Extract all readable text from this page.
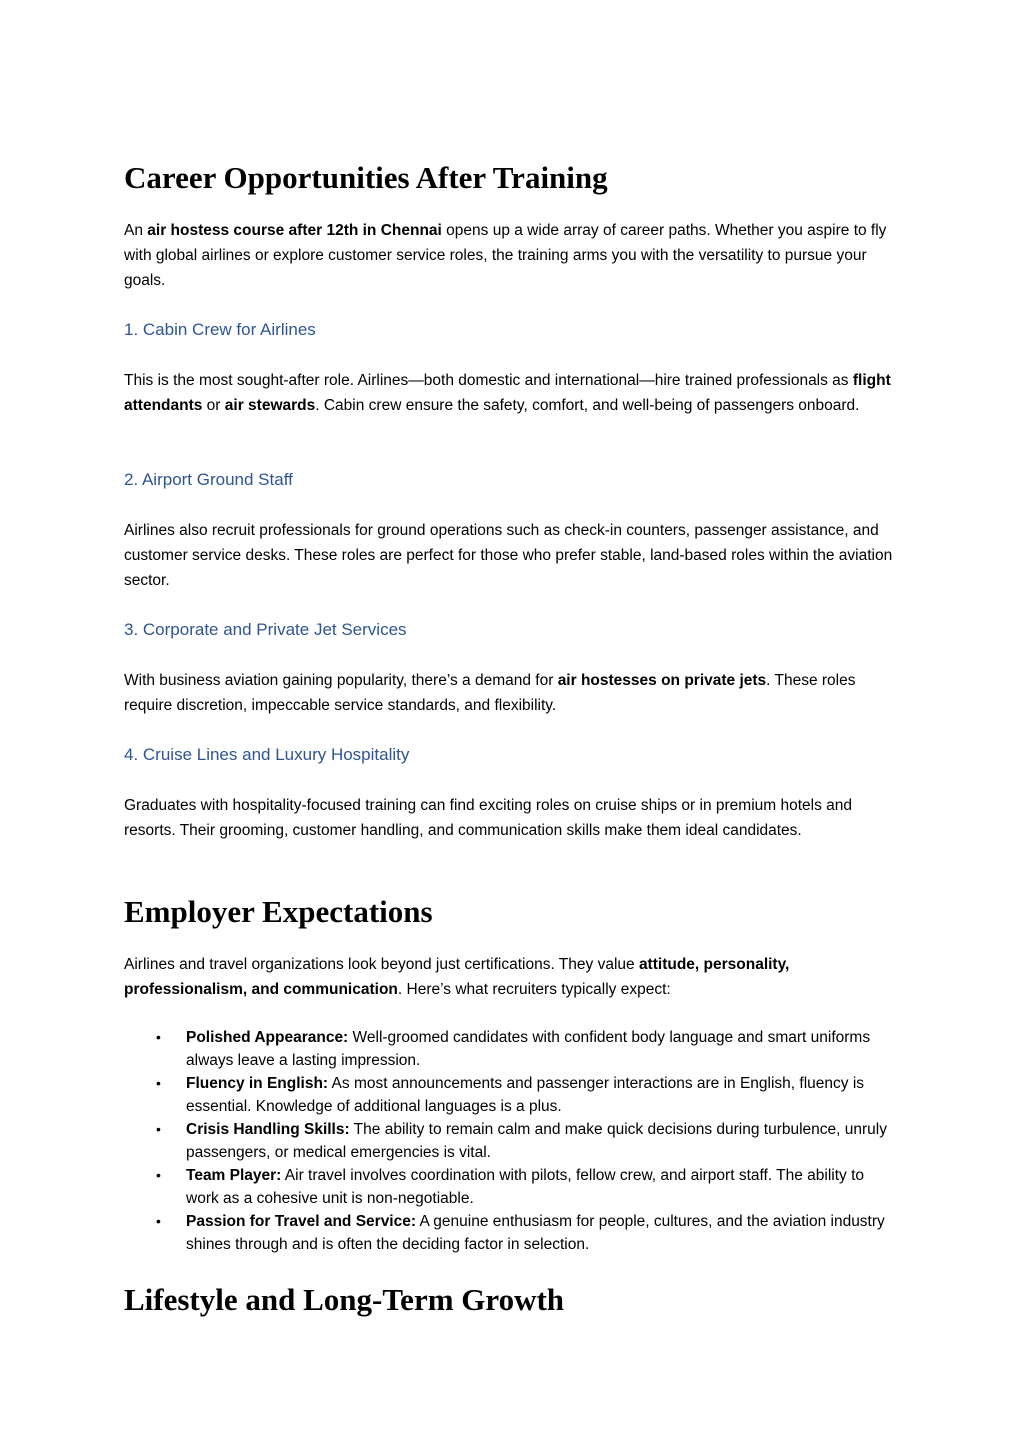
Career Opportunities After Training

An air hostess course after 12th in Chennai opens up a wide array of career paths. Whether you aspire to fly with global airlines or explore customer service roles, the training arms you with the versatility to pursue your goals.

1. Cabin Crew for Airlines

This is the most sought-after role. Airlines—both domestic and international—hire trained professionals as flight attendants or air stewards. Cabin crew ensure the safety, comfort, and well-being of passengers onboard.

2. Airport Ground Staff

Airlines also recruit professionals for ground operations such as check-in counters, passenger assistance, and customer service desks. These roles are perfect for those who prefer stable, land-based roles within the aviation sector.

3. Corporate and Private Jet Services

With business aviation gaining popularity, there’s a demand for air hostesses on private jets. These roles require discretion, impeccable service standards, and flexibility.

4. Cruise Lines and Luxury Hospitality

Graduates with hospitality-focused training can find exciting roles on cruise ships or in premium hotels and resorts. Their grooming, customer handling, and communication skills make them ideal candidates.

Employer Expectations

Airlines and travel organizations look beyond just certifications. They value attitude, personality, professionalism, and communication. Here’s what recruiters typically expect:

• Polished Appearance: Well-groomed candidates with confident body language and smart uniforms always leave a lasting impression.
• Fluency in English: As most announcements and passenger interactions are in English, fluency is essential. Knowledge of additional languages is a plus.
• Crisis Handling Skills: The ability to remain calm and make quick decisions during turbulence, unruly passengers, or medical emergencies is vital.
• Team Player: Air travel involves coordination with pilots, fellow crew, and airport staff. The ability to work as a cohesive unit is non-negotiable.
• Passion for Travel and Service: A genuine enthusiasm for people, cultures, and the aviation industry shines through and is often the deciding factor in selection.
Lifestyle and Long-Term Growth
